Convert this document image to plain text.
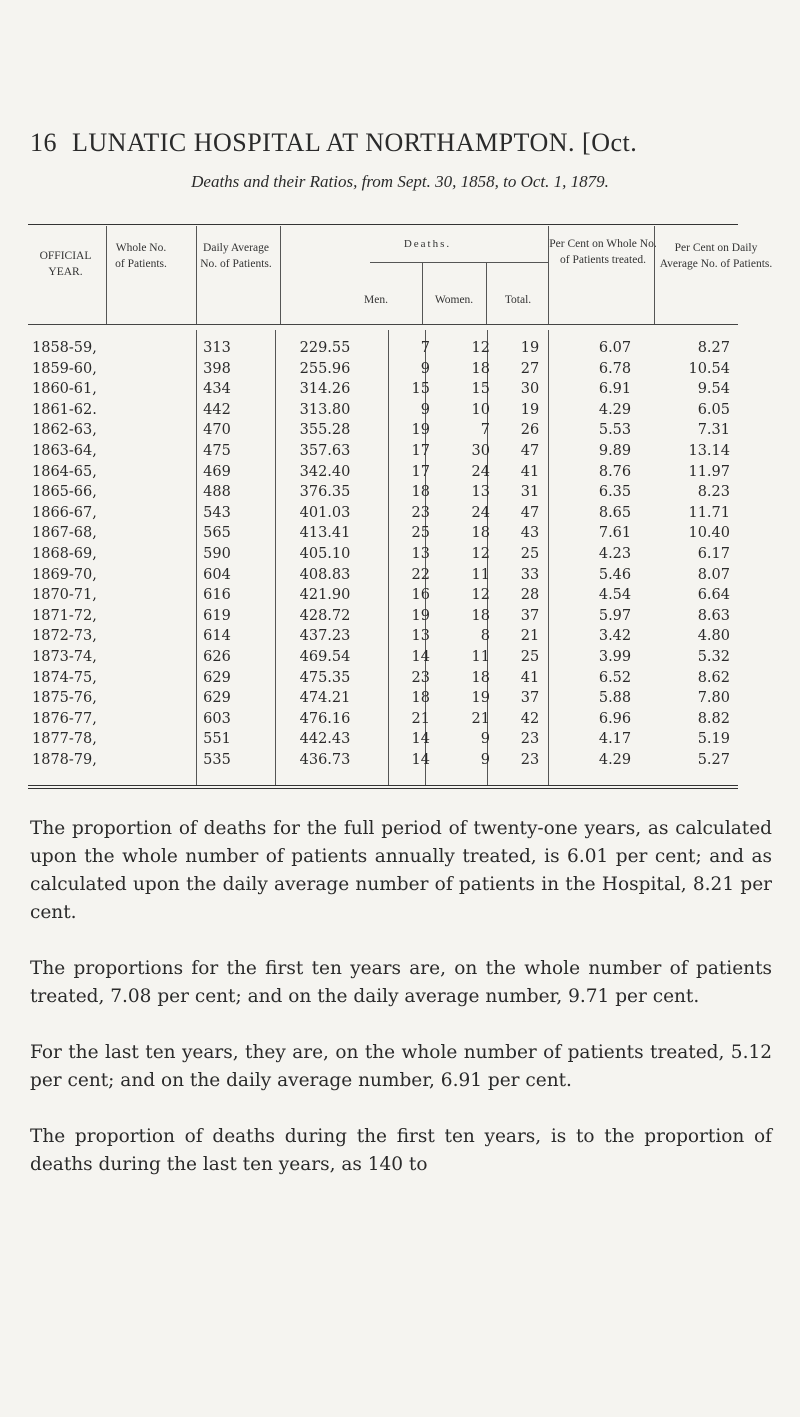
16 LUNATIC HOSPITAL AT NORTHAMPTON. [Oct.
Deaths and their Ratios, from Sept. 30, 1858, to Oct. 1, 1879.
OFFICIAL YEAR.
Whole No. of Patients.
Daily Average No. of Patients.
Deaths.
Men.	Women.	Total.
Per Cent on Whole No. of Patients treated.
Per Cent on Daily Average No. of Patients.
1858-59,	313	229.55	7	12	19	6.07	8.27
1859-60,	398	255.96	9	18	27	6.78	10.54
1860-61,	434	314.26	15	15	30	6.91	9.54
1861-62.	442	313.80	9	10	19	4.29	6.05
1862-63,	470	355.28	19	7	26	5.53	7.31
1863-64,	475	357.63	17	30	47	9.89	13.14
1864-65,	469	342.40	17	24	41	8.76	11.97
1865-66,	488	376.35	18	13	31	6.35	8.23
1866-67,	543	401.03	23	24	47	8.65	11.71
1867-68,	565	413.41	25	18	43	7.61	10.40
1868-69,	590	405.10	13	12	25	4.23	6.17
1869-70,	604	408.83	22	11	33	5.46	8.07
1870-71,	616	421.90	16	12	28	4.54	6.64
1871-72,	619	428.72	19	18	37	5.97	8.63
1872-73,	614	437.23	13	8	21	3.42	4.80
1873-74,	626	469.54	14	11	25	3.99	5.32
1874-75,	629	475.35	23	18	41	6.52	8.62
1875-76,	629	474.21	18	19	37	5.88	7.80
1876-77,	603	476.16	21	21	42	6.96	8.82
1877-78,	551	442.43	14	9	23	4.17	5.19
1878-79,	535	436.73	14	9	23	4.29	5.27
The proportion of deaths for the full period of twenty-one years, as calculated upon the whole number of patients annually treated, is 6.01 per cent; and as calculated upon the daily average number of patients in the Hospital, 8.21 per cent.
The proportions for the first ten years are, on the whole number of patients treated, 7.08 per cent; and on the daily average number, 9.71 per cent.
For the last ten years, they are, on the whole number of patients treated, 5.12 per cent; and on the daily average number, 6.91 per cent.
The proportion of deaths during the first ten years, is to the proportion of deaths during the last ten years, as 140 to
